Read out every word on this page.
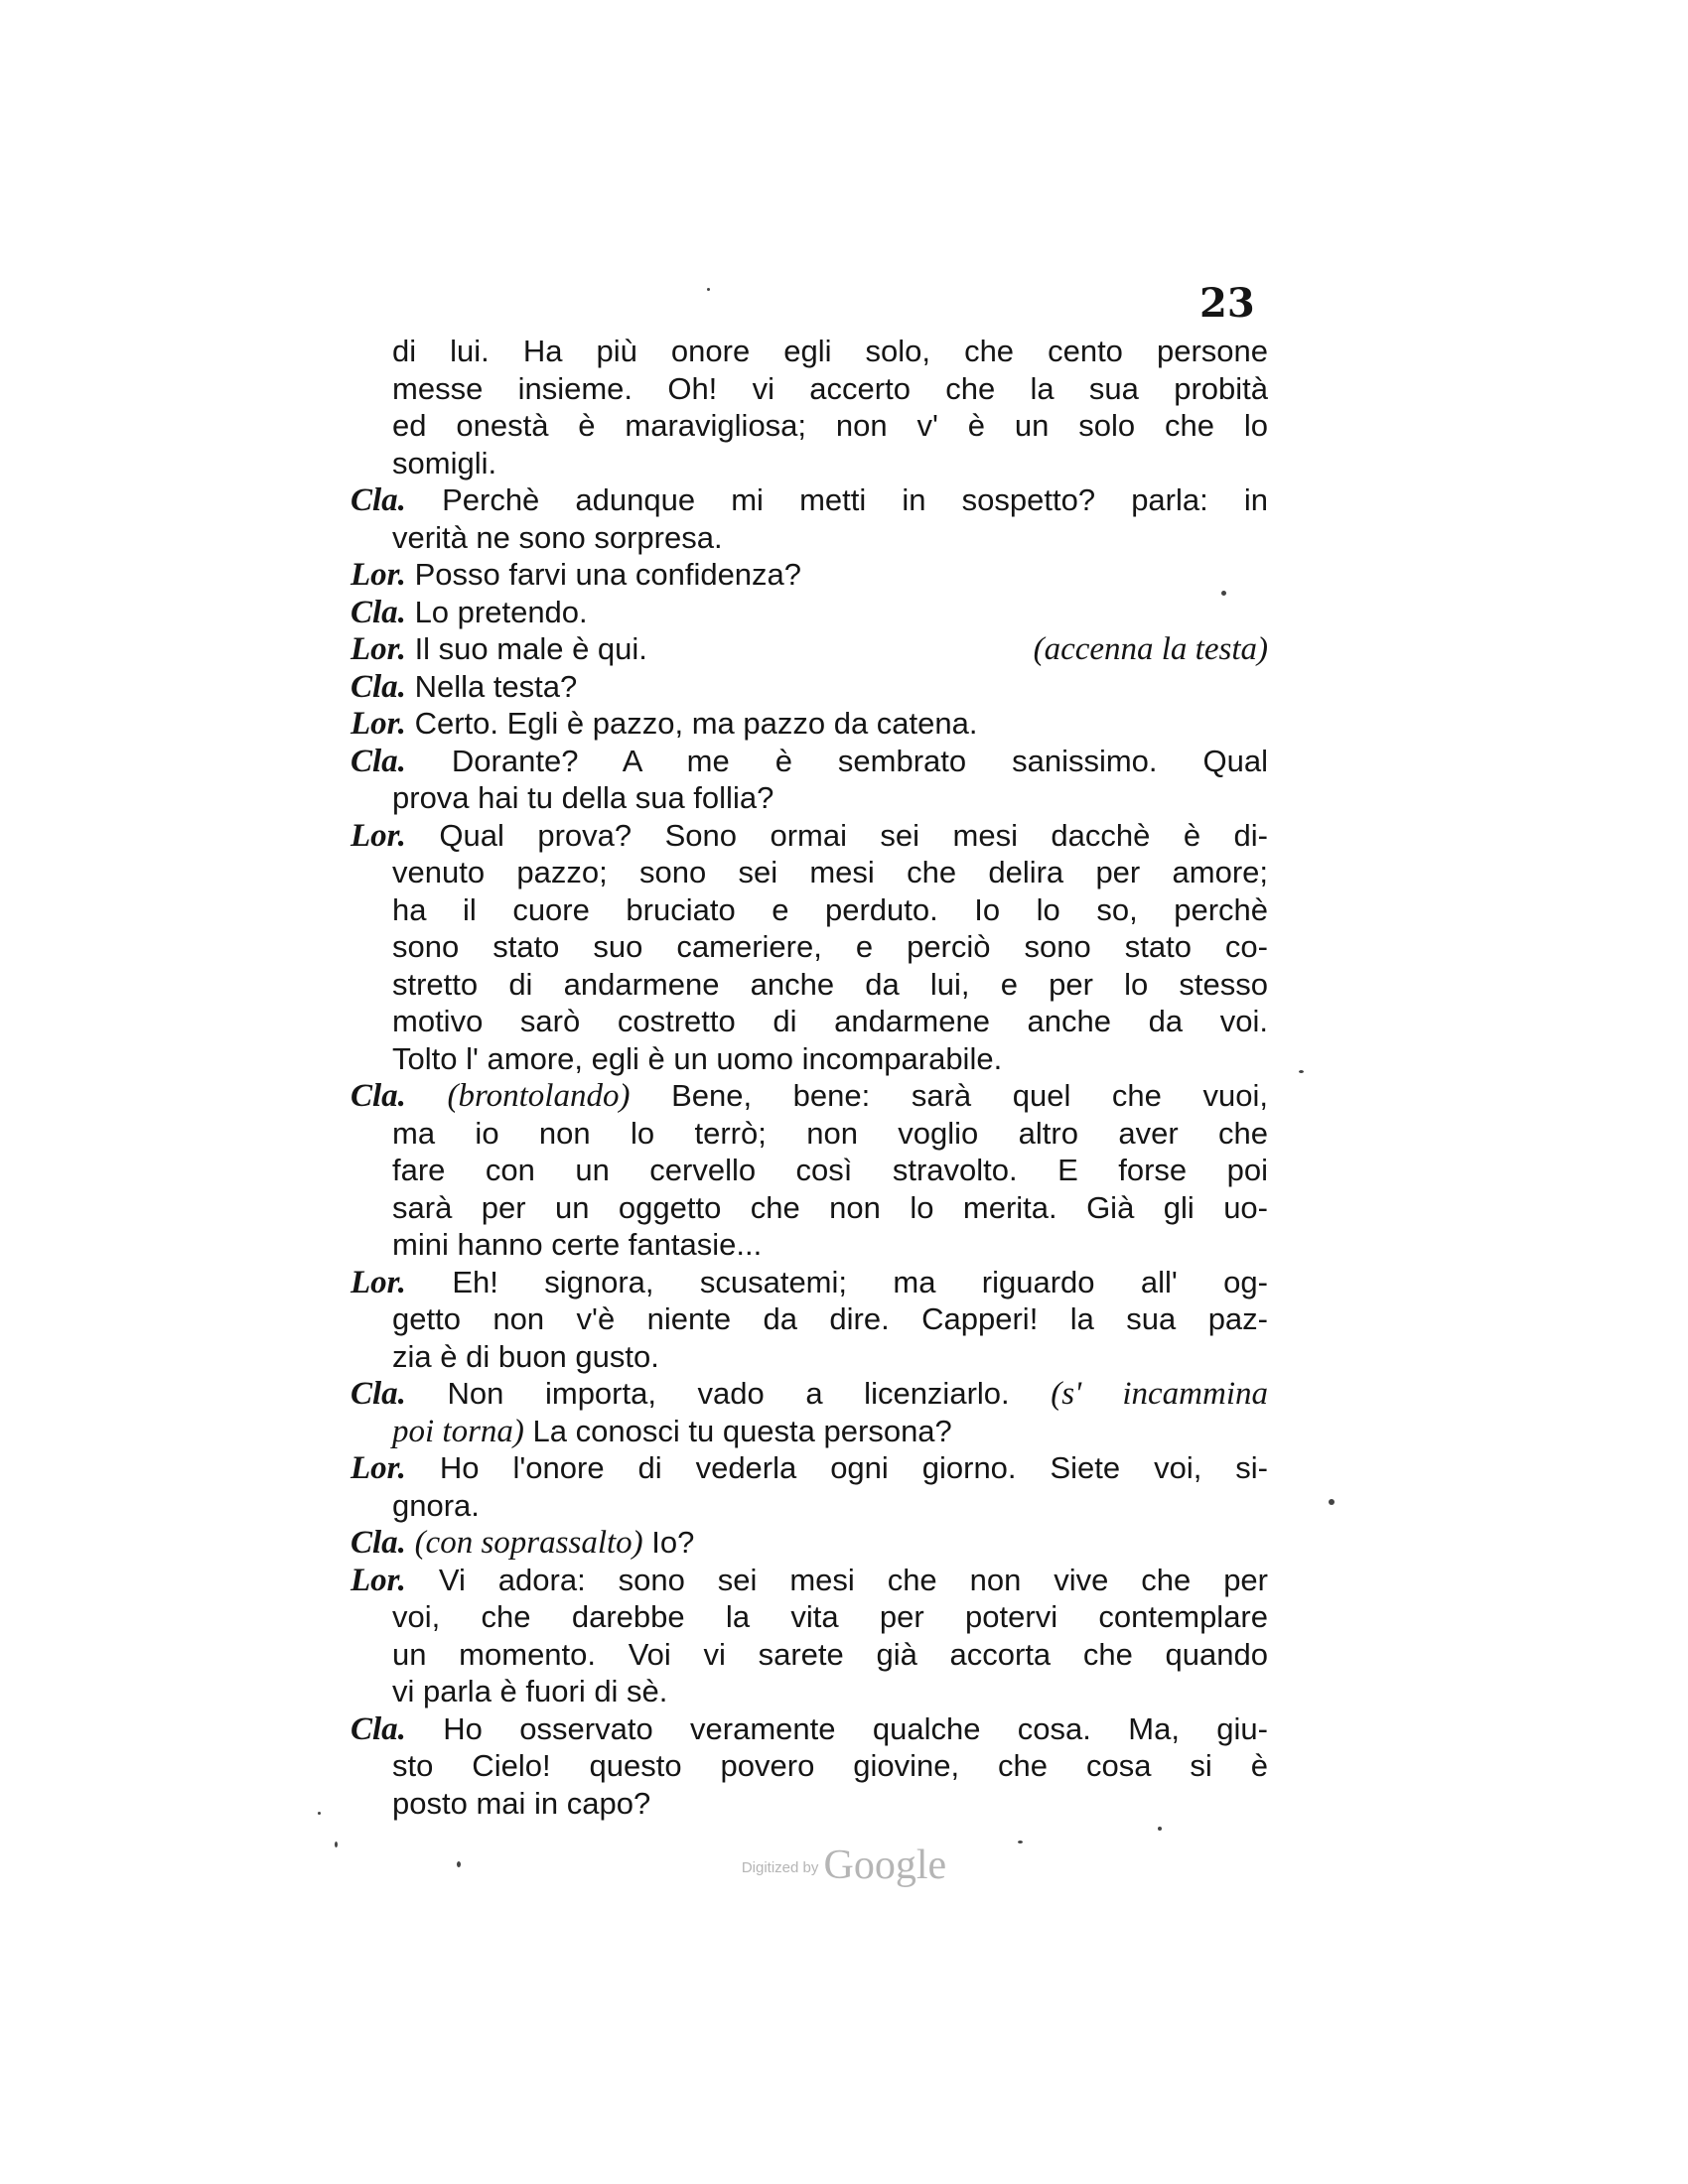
23
di lui. Ha più onore egli solo, che cento persone
messe insieme. Oh! vi accerto che la sua probità
ed onestà è maravigliosa; non v' è un solo che lo
somigli.
Cla. Perchè adunque mi metti in sospetto? parla: in
verità ne sono sorpresa.
Lor. Posso farvi una confidenza?
Cla. Lo pretendo.
Lor. Il suo male è qui.	(accenna la testa)
Cla. Nella testa?
Lor. Certo. Egli è pazzo, ma pazzo da catena.
Cla. Dorante? A me è sembrato sanissimo. Qual
prova hai tu della sua follia?
Lor. Qual prova? Sono ormai sei mesi dacchè è di-
venuto pazzo; sono sei mesi che delira per amore;
ha il cuore bruciato e perduto. Io lo so, perchè
sono stato suo cameriere, e perciò sono stato co-
stretto di andarmene anche da lui, e per lo stesso
motivo sarò costretto di andarmene anche da voi.
Tolto l' amore, egli è un uomo incomparabile.
Cla. (brontolando) Bene, bene: sarà quel che vuoi,
ma io non lo terrò; non voglio altro aver che
fare con un cervello così stravolto. E forse poi
sarà per un oggetto che non lo merita. Già gli uo-
mini hanno certe fantasie...
Lor. Eh! signora, scusatemi; ma riguardo all' og-
getto non v'è niente da dire. Capperi! la sua paz-
zia è di buon gusto.
Cla. Non importa, vado a licenziarlo. (s' incammina
poi torna) La conosci tu questa persona?
Lor. Ho l'onore di vederla ogni giorno. Siete voi, si-
gnora.
Cla. (con soprassalto) Io?
Lor. Vi adora: sono sei mesi che non vive che per
voi, che darebbe la vita per potervi contemplare
un momento. Voi vi sarete già accorta che quando
vi parla è fuori di sè.
Cla. Ho osservato veramente qualche cosa. Ma, giu-
sto Cielo! questo povero giovine, che cosa si è
posto mai in capo?
Digitized by Google
